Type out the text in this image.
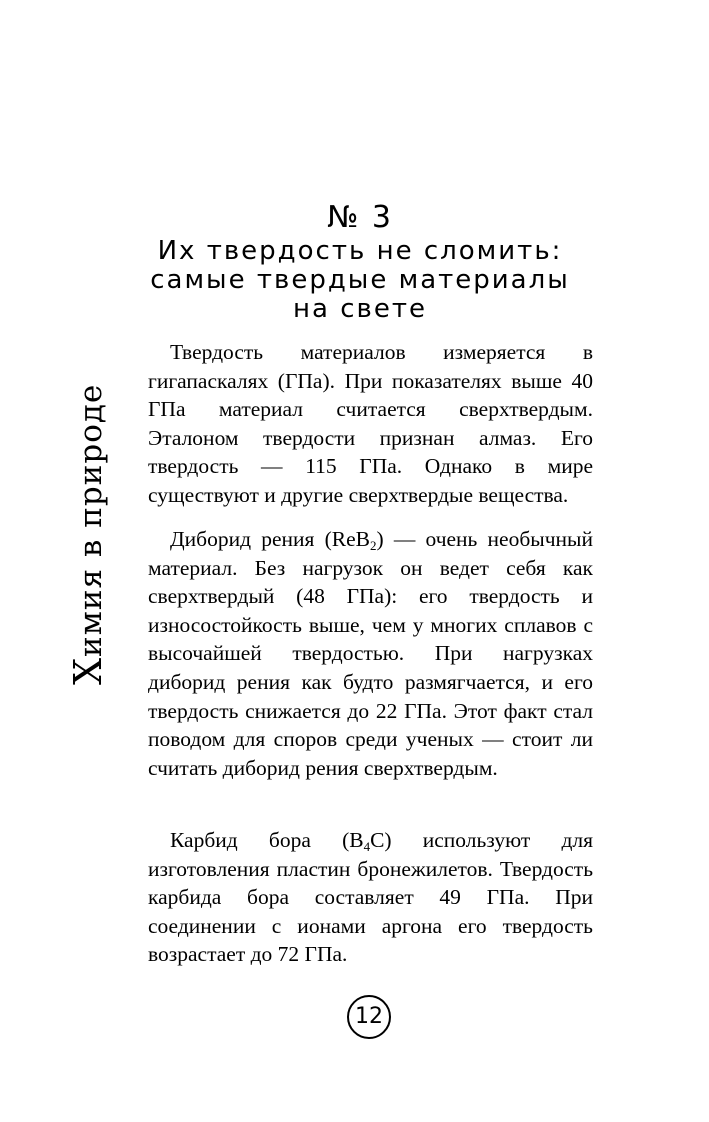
Химия в природе
№ 3
Их твердость не сломить:
самые твердые материалы
на свете

Твердость материалов измеряется в гигапаскалях (ГПа). При показателях выше 40 ГПа материал считается сверхтвердым. Эталоном твердости признан алмаз. Его твердость — 115 ГПа. Однако в мире существуют и другие сверхтвердые вещества.

Диборид рения (ReB$_2$) — очень необычный материал. Без нагрузок он ведет себя как сверхтвердый (48 ГПа): его твердость и износостойкость выше, чем у многих сплавов с высочайшей твердостью. При нагрузках диборид рения как будто размягчается, и его твердость снижается до 22 ГПа. Этот факт стал поводом для споров среди ученых — стоит ли считать диборид рения сверхтвердым.

Карбид бора $(B_4C)$ используют для изготовления пластин бронежилетов. Твердость карбида бора составляет 49 ГПа. При соединении с ионами аргона его твердость возрастает до 72 ГПа.

12
